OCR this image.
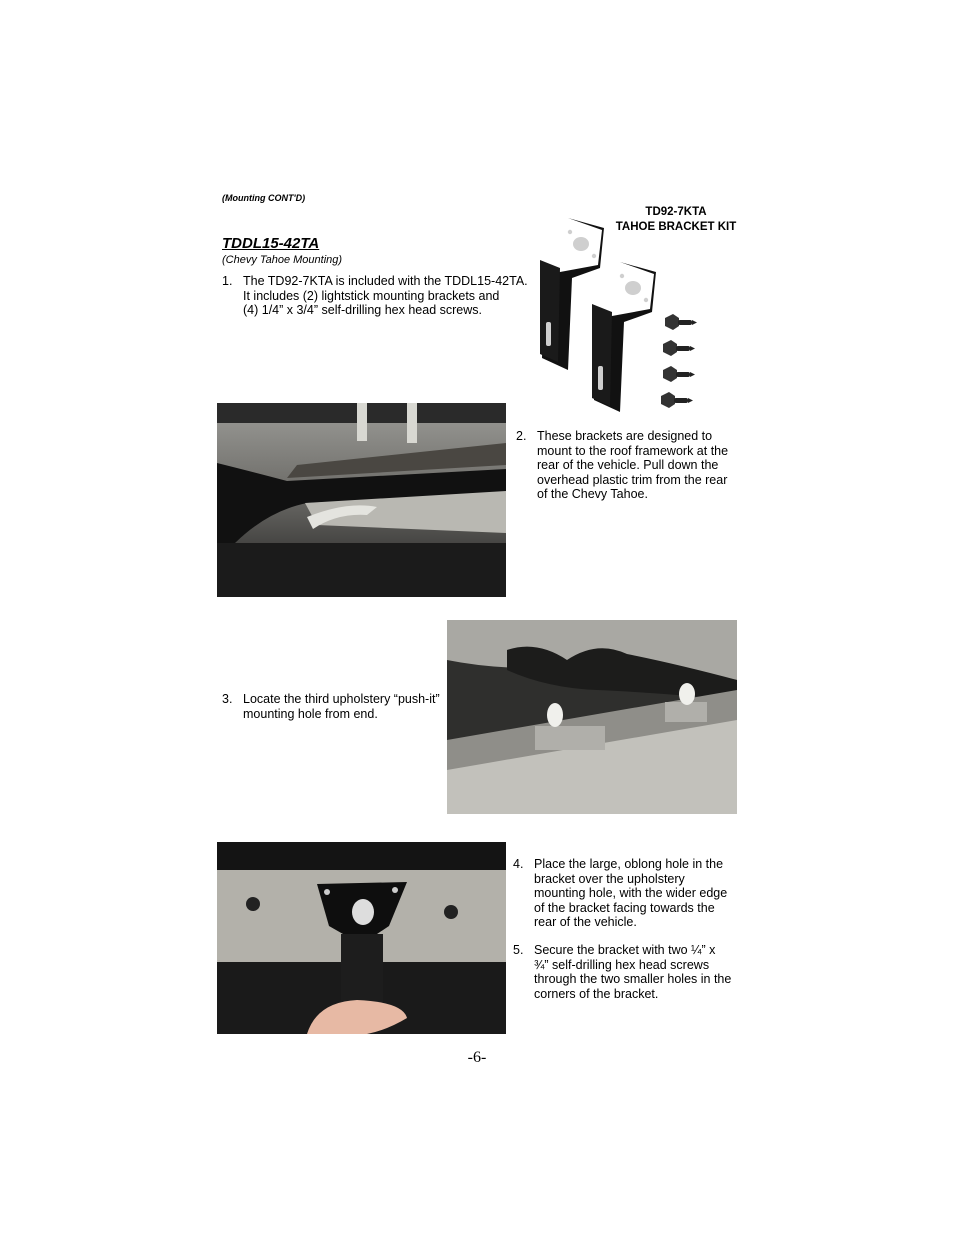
(Mounting CONT'D)
TDDL15-42TA
(Chevy Tahoe Mounting)
1. The TD92-7KTA is included with the TDDL15-42TA.
It includes (2) lightstick mounting brackets and
(4) 1/4” x 3/4” self-drilling hex head screws.
TD92-7KTA
TAHOE BRACKET KIT
2. These brackets are designed to
mount to the roof framework at the
rear of the vehicle. Pull down the
overhead plastic trim from the rear
of the Chevy Tahoe.
3. Locate the third upholstery “push-it”
mounting hole from end.
4. Place the large, oblong hole in the
bracket over the upholstery
mounting hole, with the wider edge
of the bracket facing towards the
rear of the vehicle.
5. Secure the bracket with two ¼” x
¾” self-drilling hex head screws
through the two smaller holes in the
corners of the bracket.
-6-
